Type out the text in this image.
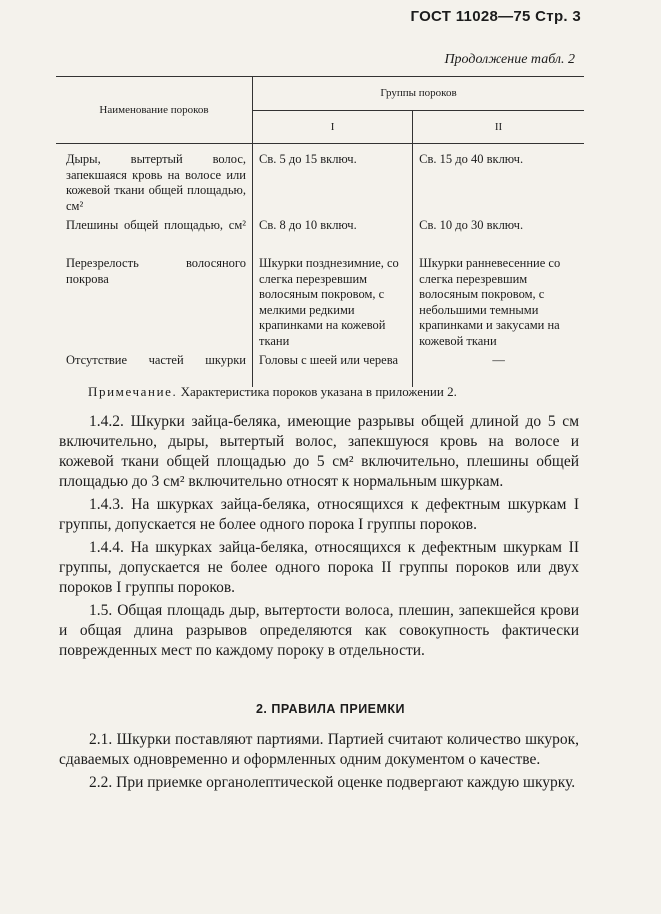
ГОСТ 11028—75 Стр. 3
Продолжение табл. 2
Наименование пороков	Группы пороков	
	I	II
Дыры, вытертый волос, запекшаяся кровь на волосе или кожевой ткани общей площадью, см²	Св. 5 до 15 включ.	Св. 15 до 40 включ.
Плешины общей площадью, см²	Св. 8 до 10 включ.	Св. 10 до 30 включ.
Перезрелость волосяного покрова	Шкурки позднезимние, со слегка перезревшим волосяным покровом, с мелкими редкими крапинками на кожевой ткани	Шкурки ранневесенние со слегка перезревшим волосяным покровом, с небольшими темными крапинками и закусами на кожевой ткани
Отсутствие частей шкурки	Головы с шеей или черева	—
Примечание. Характеристика пороков указана в приложении 2.

1.4.2. Шкурки зайца-беляка, имеющие разрывы общей длиной до 5 см включительно, дыры, вытертый волос, запекшуюся кровь на волосе и кожевой ткани общей площадью до 5 см² включительно, плешины общей площадью до 3 см² включительно относят к нормальным шкуркам.

1.4.3. На шкурках зайца-беляка, относящихся к дефектным шкуркам I группы, допускается не более одного порока I группы пороков.

1.4.4. На шкурках зайца-беляка, относящихся к дефектным шкуркам II группы, допускается не более одного порока II группы пороков или двух пороков I группы пороков.

1.5. Общая площадь дыр, вытертости волоса, плешин, запекшейся крови и общая длина разрывов определяются как совокупность фактически поврежденных мест по каждому пороку в отдельности.

2. ПРАВИЛА ПРИЕМКИ

2.1. Шкурки поставляют партиями. Партией считают количество шкурок, сдаваемых одновременно и оформленных одним документом о качестве.

2.2. При приемке органолептической оценке подвергают каждую шкурку.
